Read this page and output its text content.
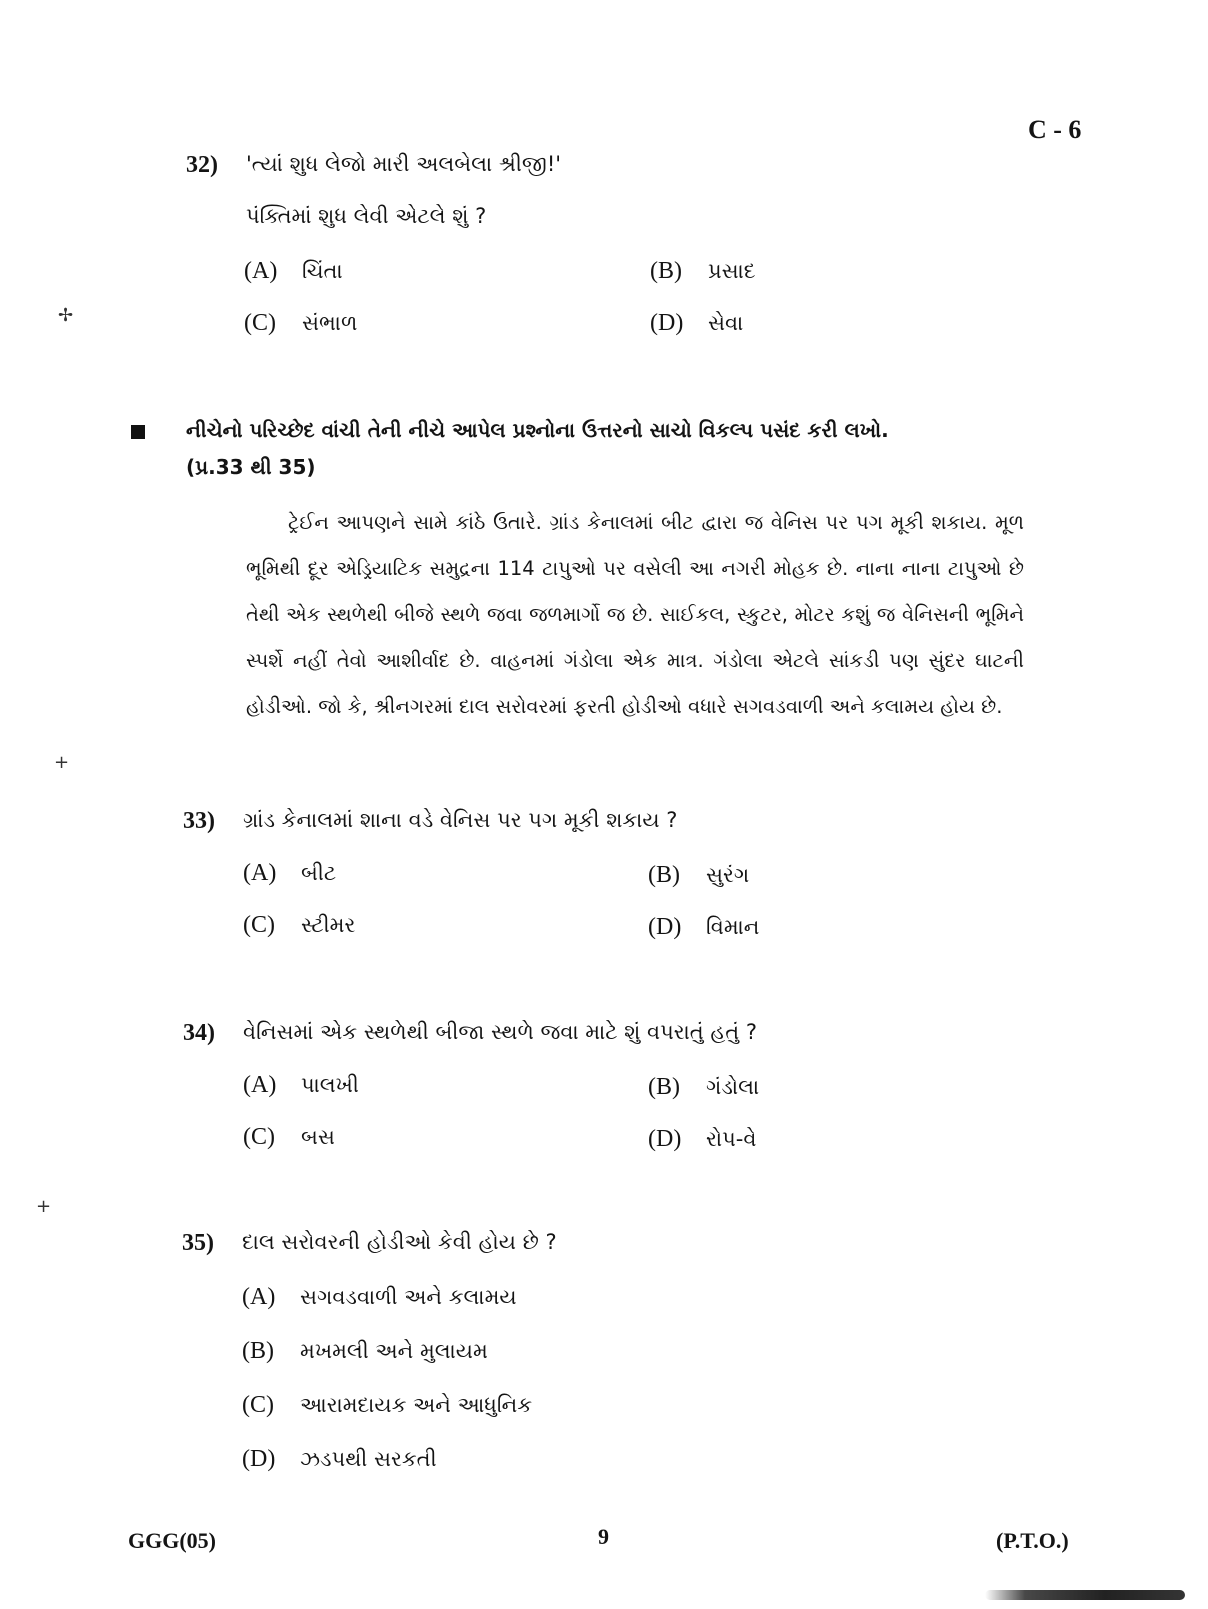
✢
+
+
C - 6
32)	'ત્યાં શુધ લેજો મારી અલબેલા શ્રીજી!'
પંક્તિમાં શુધ લેવી એટલે શું ?
(A) ચિંતા	(B) પ્રસાદ
(C) સંભાળ	(D) સેવા
નીચેનો પરિચ્છેદ વાંચી તેની નીચે આપેલ પ્રશ્નોના ઉત્તરનો સાચો વિકલ્પ પસંદ કરી લખો.
(પ્ર.33 થી 35)
ટ્રેઈન આપણને સામે કાંઠે ઉતારે. ગ્રાંડ કેનાલમાં બીટ દ્વારા જ વેનિસ પર પગ મૂકી શકાય. મૂળ ભૂમિથી દૂર એડ્રિયાટિક સમુદ્રના 114 ટાપુઓ પર વસેલી આ નગરી મોહક છે. નાના નાના ટાપુઓ છે તેથી એક સ્થળેથી બીજે સ્થળે જવા જળમાર્ગો જ છે. સાઈકલ, સ્કુટર, મોટર કશું જ વેનિસની ભૂમિને સ્પર્શે નહીં તેવો આશીર્વાદ છે. વાહનમાં ગંડોલા એક માત્ર. ગંડોલા એટલે સાંકડી પણ સુંદર ઘાટની હોડીઓ. જો કે, શ્રીનગરમાં દાલ સરોવરમાં ફરતી હોડીઓ વધારે સગવડવાળી અને કલામય હોય છે.
33)	ગ્રાંડ કેનાલમાં શાના વડે વેનિસ પર પગ મૂકી શકાય ?
(A) બીટ	(B) સુરંગ
(C) સ્ટીમર	(D) વિમાન
34)	વેનિસમાં એક સ્થળેથી બીજા સ્થળે જવા માટે શું વપરાતું હતું ?
(A) પાલખી	(B) ગંડોલા
(C) બસ	(D) રોપ-વે
35)	દાલ સરોવરની હોડીઓ કેવી હોય છે ?
(A) સગવડવાળી અને કલામય
(B) મખમલી અને મુલાયમ
(C) આરામદાયક અને આધુનિક
(D) ઝડપથી સરકતી
GGG(05)	9	(P.T.O.)
